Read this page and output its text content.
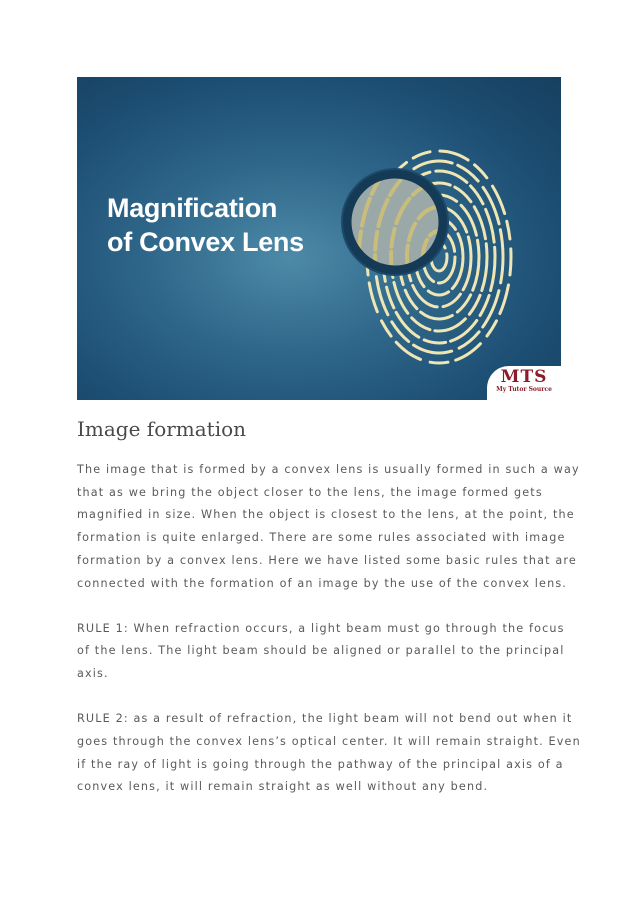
Magnification
of Convex Lens
MTS
My Tutor Source
Image formation

The image that is formed by a convex lens is usually formed in such a way
that as we bring the object closer to the lens, the image formed gets
magnified in size. When the object is closest to the lens, at the point, the
formation is quite enlarged. There are some rules associated with image
formation by a convex lens. Here we have listed some basic rules that are
connected with the formation of an image by the use of the convex lens.

RULE 1: When refraction occurs, a light beam must go through the focus
of the lens. The light beam should be aligned or parallel to the principal
axis.

RULE 2: as a result of refraction, the light beam will not bend out when it
goes through the convex lens’s optical center. It will remain straight. Even
if the ray of light is going through the pathway of the principal axis of a
convex lens, it will remain straight as well without any bend.
